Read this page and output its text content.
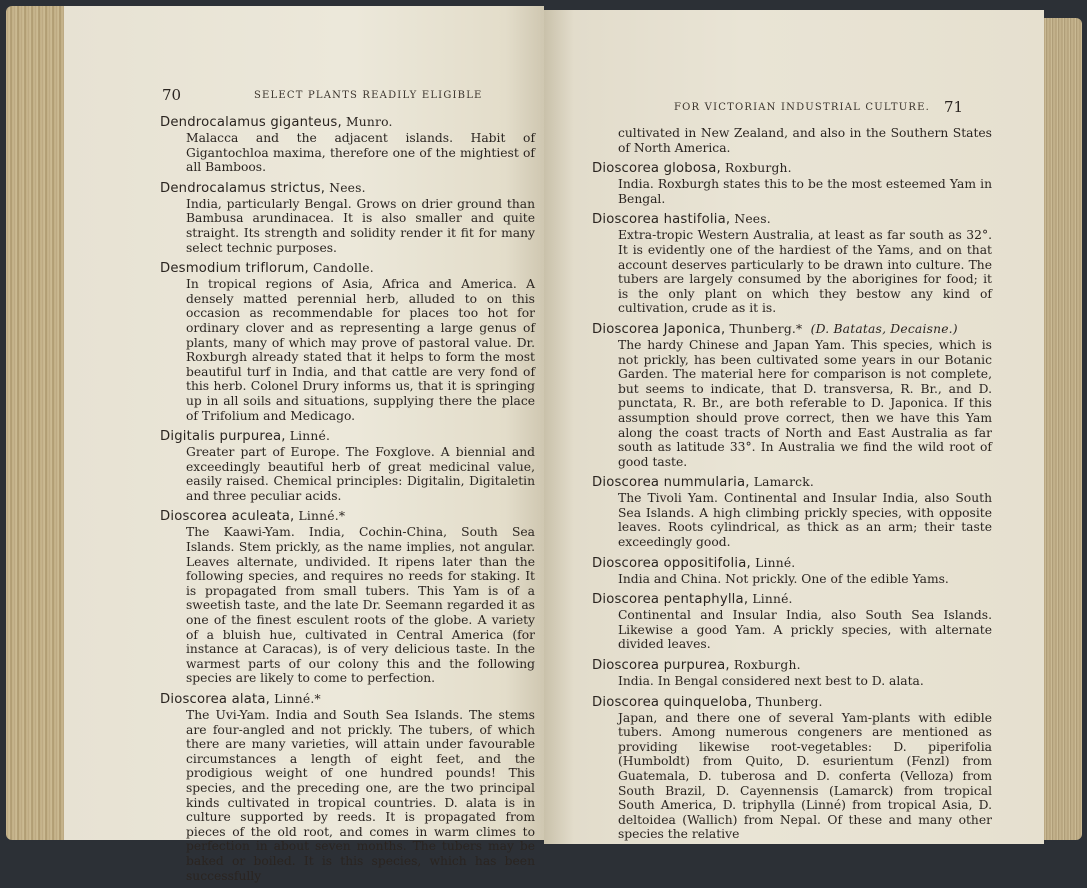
70	SELECT PLANTS READILY ELIGIBLE
Dendrocalamus giganteus, Munro.
Malacca and the adjacent islands. Habit of Gigantochloa maxima, therefore one of the mightiest of all Bamboos.
Dendrocalamus strictus, Nees.
India, particularly Bengal. Grows on drier ground than Bambusa arundinacea. It is also smaller and quite straight. Its strength and solidity render it fit for many select technic purposes.
Desmodium triflorum, Candolle.
In tropical regions of Asia, Africa and America. A densely matted perennial herb, alluded to on this occasion as recommendable for places too hot for ordinary clover and as representing a large genus of plants, many of which may prove of pastoral value. Dr. Roxburgh already stated that it helps to form the most beautiful turf in India, and that cattle are very fond of this herb. Colonel Drury informs us, that it is springing up in all soils and situations, supplying there the place of Trifolium and Medicago.
Digitalis purpurea, Linné.
Greater part of Europe. The Foxglove. A biennial and exceedingly beautiful herb of great medicinal value, easily raised. Chemical principles: Digitalin, Digitaletin and three peculiar acids.
Dioscorea aculeata, Linné.*
The Kaawi-Yam. India, Cochin-China, South Sea Islands. Stem prickly, as the name implies, not angular. Leaves alternate, undivided. It ripens later than the following species, and requires no reeds for staking. It is propagated from small tubers. This Yam is of a sweetish taste, and the late Dr. Seemann regarded it as one of the finest esculent roots of the globe. A variety of a bluish hue, cultivated in Central America (for instance at Caracas), is of very delicious taste. In the warmest parts of our colony this and the following species are likely to come to perfection.
Dioscorea alata, Linné.*
The Uvi-Yam. India and South Sea Islands. The stems are four-angled and not prickly. The tubers, of which there are many varieties, will attain under favourable circumstances a length of eight feet, and the prodigious weight of one hundred pounds! This species, and the preceding one, are the two principal kinds cultivated in tropical countries. D. alata is in culture supported by reeds. It is propagated from pieces of the old root, and comes in warm climes to perfection in about seven months. The tubers may be baked or boiled. It is this species, which has been successfully
FOR VICTORIAN INDUSTRIAL CULTURE. 71
cultivated in New Zealand, and also in the Southern States of North America.
Dioscorea globosa, Roxburgh.
India. Roxburgh states this to be the most esteemed Yam in Bengal.
Dioscorea hastifolia, Nees.
Extra-tropic Western Australia, at least as far south as 32°. It is evidently one of the hardiest of the Yams, and on that account deserves particularly to be drawn into culture. The tubers are largely consumed by the aborigines for food; it is the only plant on which they bestow any kind of cultivation, crude as it is.
Dioscorea Japonica, Thunberg.* (D. Batatas, Decaisne.)
The hardy Chinese and Japan Yam. This species, which is not prickly, has been cultivated some years in our Botanic Garden. The material here for comparison is not complete, but seems to indicate, that D. transversa, R. Br., and D. punctata, R. Br., are both referable to D. Japonica. If this assumption should prove correct, then we have this Yam along the coast tracts of North and East Australia as far south as latitude 33°. In Australia we find the wild root of good taste.
Dioscorea nummularia, Lamarck.
The Tivoli Yam. Continental and Insular India, also South Sea Islands. A high climbing prickly species, with opposite leaves. Roots cylindrical, as thick as an arm; their taste exceedingly good.
Dioscorea oppositifolia, Linné.
India and China. Not prickly. One of the edible Yams.
Dioscorea pentaphylla, Linné.
Continental and Insular India, also South Sea Islands. Likewise a good Yam. A prickly species, with alternate divided leaves.
Dioscorea purpurea, Roxburgh.
India. In Bengal considered next best to D. alata.
Dioscorea quinqueloba, Thunberg.
Japan, and there one of several Yam-plants with edible tubers. Among numerous congeners are mentioned as providing likewise root-vegetables: D. piperifolia (Humboldt) from Quito, D. esurientum (Fenzl) from Guatemala, D. tuberosa and D. conferta (Velloza) from South Brazil, D. Cayennensis (Lamarck) from tropical South America, D. triphylla (Linné) from tropical Asia, D. deltoidea (Wallich) from Nepal. Of these and many other species the relative
